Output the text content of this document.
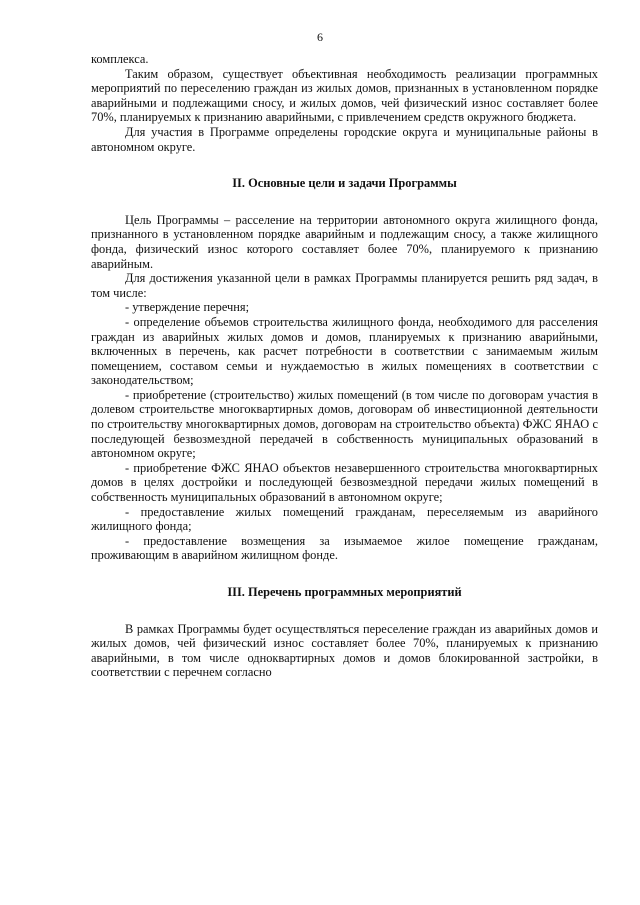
6

комплекса.

Таким образом, существует объективная необходимость реализации программных мероприятий по переселению граждан из жилых домов, признанных в установленном порядке аварийными и подлежащими сносу, и жилых домов, чей физический износ составляет более 70%, планируемых к признанию аварийными, с привлечением средств окружного бюджета.

Для участия в Программе определены городские округа и муниципальные районы в автономном округе.

II. Основные цели и задачи Программы

Цель Программы – расселение на территории автономного округа жилищного фонда, признанного в установленном порядке аварийным и подлежащим сносу, а также жилищного фонда, физический износ которого составляет более 70%, планируемого к признанию аварийным.

Для достижения указанной цели в рамках Программы планируется решить ряд задач, в том числе:

- утверждение перечня;

- определение объемов строительства жилищного фонда, необходимого для расселения граждан из аварийных жилых домов и домов, планируемых к признанию аварийными, включенных в перечень, как расчет потребности в соответствии с занимаемым жилым помещением, составом семьи и нуждаемостью в жилых помещениях в соответствии с законодательством;

- приобретение (строительство) жилых помещений (в том числе по договорам участия в долевом строительстве многоквартирных домов, договорам об инвестиционной деятельности по строительству многоквартирных домов, договорам на строительство объекта) ФЖС ЯНАО с последующей безвозмездной передачей в собственность муниципальных образований в автономном округе;

- приобретение ФЖС ЯНАО объектов незавершенного строительства многоквартирных домов в целях достройки и последующей безвозмездной передачи жилых помещений в собственность муниципальных образований в автономном округе;

- предоставление жилых помещений гражданам, переселяемым из аварийного жилищного фонда;

- предоставление возмещения за изымаемое жилое помещение гражданам, проживающим в аварийном жилищном фонде.

III. Перечень программных мероприятий

В рамках Программы будет осуществляться переселение граждан из аварийных домов и жилых домов, чей физический износ составляет более 70%, планируемых к признанию аварийными, в том числе одноквартирных домов и домов блокированной застройки, в соответствии с перечнем согласно
